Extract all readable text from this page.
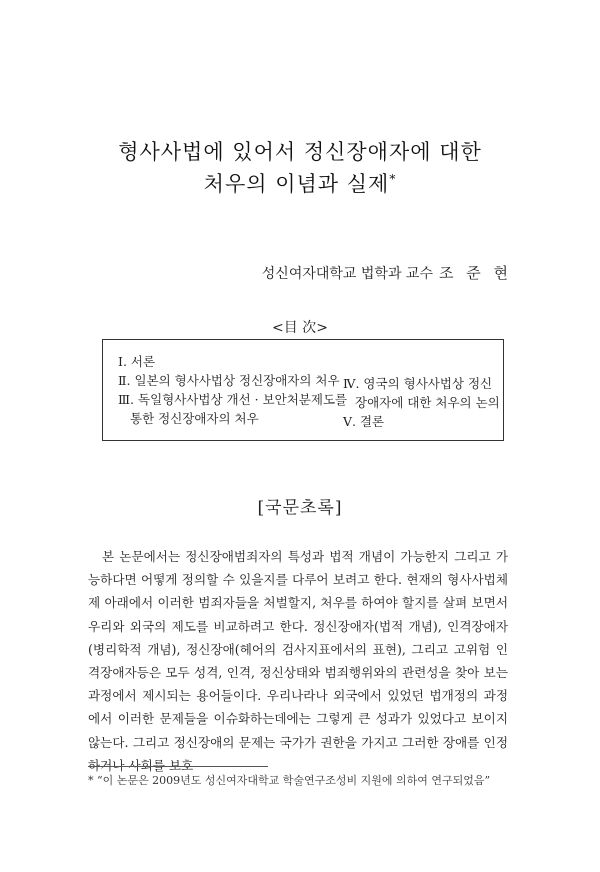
형사사법에 있어서 정신장애자에 대한
처우의 이념과 실제*
성신여자대학교 법학과 교수 조 준 현
<目 次>
Ⅰ. 서론
Ⅱ. 일본의 형사사법상 정신장애자의 처우
Ⅲ. 독일형사사법상 개선 · 보안처분제도를
통한 정신장애자의 처우
Ⅳ. 영국의 형사사법상 정신
장애자에 대한 처우의 논의
Ⅴ. 결론
[국문초록]

본 논문에서는 정신장애범죄자의 특성과 법적 개념이 가능한지 그리고 가능하다면 어떻게 정의할 수 있을지를 다루어 보려고 한다. 현재의 형사사법체제 아래에서 이러한 범죄자들을 처벌할지, 처우를 하여야 할지를 살펴 보면서 우리와 외국의 제도를 비교하려고 한다. 정신장애자(법적 개념), 인격장애자(병리학적 개념), 정신장애(헤어의 검사지표에서의 표현), 그리고 고위험 인격장애자등은 모두 성격, 인격, 정신상태와 범죄행위와의 관련성을 찾아 보는 과정에서 제시되는 용어들이다. 우리나라나 외국에서 있었던 법개정의 과정에서 이러한 문제들을 이슈화하는데에는 그렇게 큰 성과가 있었다고 보이지 않는다. 그리고 정신장애의 문제는 국가가 권한을 가지고 그러한 장애를 인정하거나 사회를 보호

* “이 논문은 2009년도 성신여자대학교 학술연구조성비 지원에 의하여 연구되었음”
